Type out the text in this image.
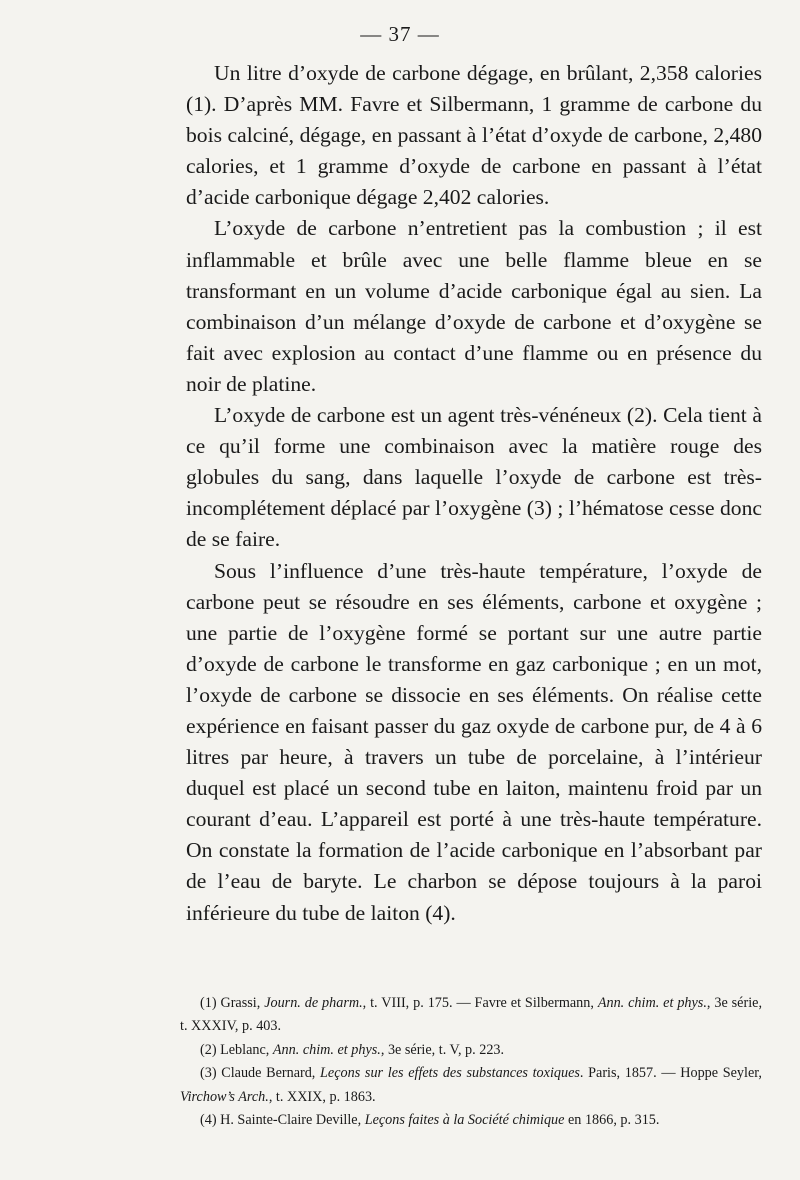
— 37 —

Un litre d’oxyde de carbone dégage, en brûlant, 2,358 calories (1). D’après MM. Favre et Silbermann, 1 gramme de carbone du bois calciné, dégage, en passant à l’état d’oxyde de carbone, 2,480 calories, et 1 gramme d’oxyde de carbone en passant à l’état d’acide carbonique dégage 2,402 calories.

L’oxyde de carbone n’entretient pas la combustion ; il est inflammable et brûle avec une belle flamme bleue en se transformant en un volume d’acide carbonique égal au sien. La combinaison d’un mélange d’oxyde de carbone et d’oxygène se fait avec explosion au contact d’une flamme ou en présence du noir de platine.

L’oxyde de carbone est un agent très-vénéneux (2). Cela tient à ce qu’il forme une combinaison avec la matière rouge des globules du sang, dans laquelle l’oxyde de carbone est très-incomplétement déplacé par l’oxygène (3) ; l’hématose cesse donc de se faire.

Sous l’influence d’une très-haute température, l’oxyde de carbone peut se résoudre en ses éléments, carbone et oxygène ; une partie de l’oxygène formé se portant sur une autre partie d’oxyde de carbone le transforme en gaz carbonique ; en un mot, l’oxyde de carbone se dissocie en ses éléments. On réalise cette expérience en faisant passer du gaz oxyde de carbone pur, de 4 à 6 litres par heure, à travers un tube de porcelaine, à l’intérieur duquel est placé un second tube en laiton, maintenu froid par un courant d’eau. L’appareil est porté à une très-haute température. On constate la formation de l’acide carbonique en l’absorbant par de l’eau de baryte. Le charbon se dépose toujours à la paroi inférieure du tube de laiton (4).

(1) Grassi, Journ. de pharm., t. VIII, p. 175. — Favre et Silbermann, Ann. chim. et phys., 3e série, t. XXXIV, p. 403.

(2) Leblanc, Ann. chim. et phys., 3e série, t. V, p. 223.

(3) Claude Bernard, Leçons sur les effets des substances toxiques. Paris, 1857. — Hoppe Seyler, Virchow’s Arch., t. XXIX, p. 1863.

(4) H. Sainte-Claire Deville, Leçons faites à la Société chimique en 1866, p. 315.
